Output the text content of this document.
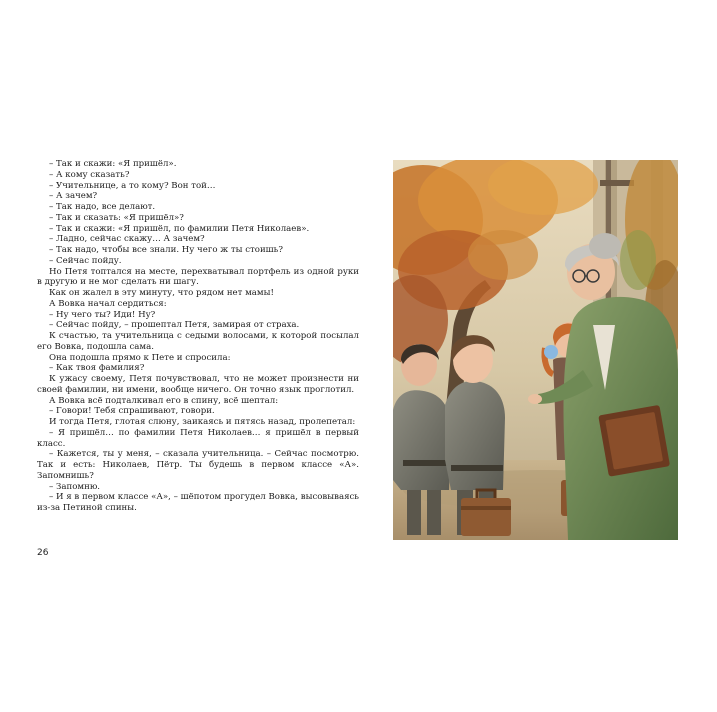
– Так и скажи: «Я пришёл».

– А кому сказать?

– Учительнице, а то кому? Вон той…

– А зачем?

– Так надо, все делают.

– Так и сказать: «Я пришёл»?

– Так и скажи: «Я пришёл, по фамилии Петя Николаев».

– Ладно, сейчас скажу… А зачем?

– Так надо, чтобы все знали. Ну чего ж ты стоишь?

– Сейчас пойду.

Но Петя топтался на месте, перехватывал портфель из одной руки в другую и не мог сделать ни шагу.

Как он жалел в эту минуту, что рядом нет мамы!

А Вовка начал сердиться:

– Ну чего ты? Иди! Ну?

– Сейчас пойду, – прошептал Петя, замирая от страха.

К счастью, та учительница с седыми волосами, к которой посылал его Вовка, подошла сама.

Она подошла прямо к Пете и спросила:

– Как твоя фамилия?

К ужасу своему, Петя почувствовал, что не может произнести ни своей фамилии, ни имени, вообще ничего. Он точно язык проглотил.

А Вовка всё подталкивал его в спину, всё шептал:

– Говори! Тебя спрашивают, говори.

И тогда Петя, глотая слюну, заикаясь и пятясь назад, пролепетал:

– Я пришёл… по фамилии Петя Николаев… я пришёл в первый класс.

– Кажется, ты у меня, – сказала учительница. – Сейчас посмотрю. Так и есть: Николаев, Пётр. Ты будешь в первом классе «А». Запомнишь?

– Запомню.

– И я в первом классе «А», – шёпотом прогудел Вовка, высовываясь из-за Петиной спины.

26
